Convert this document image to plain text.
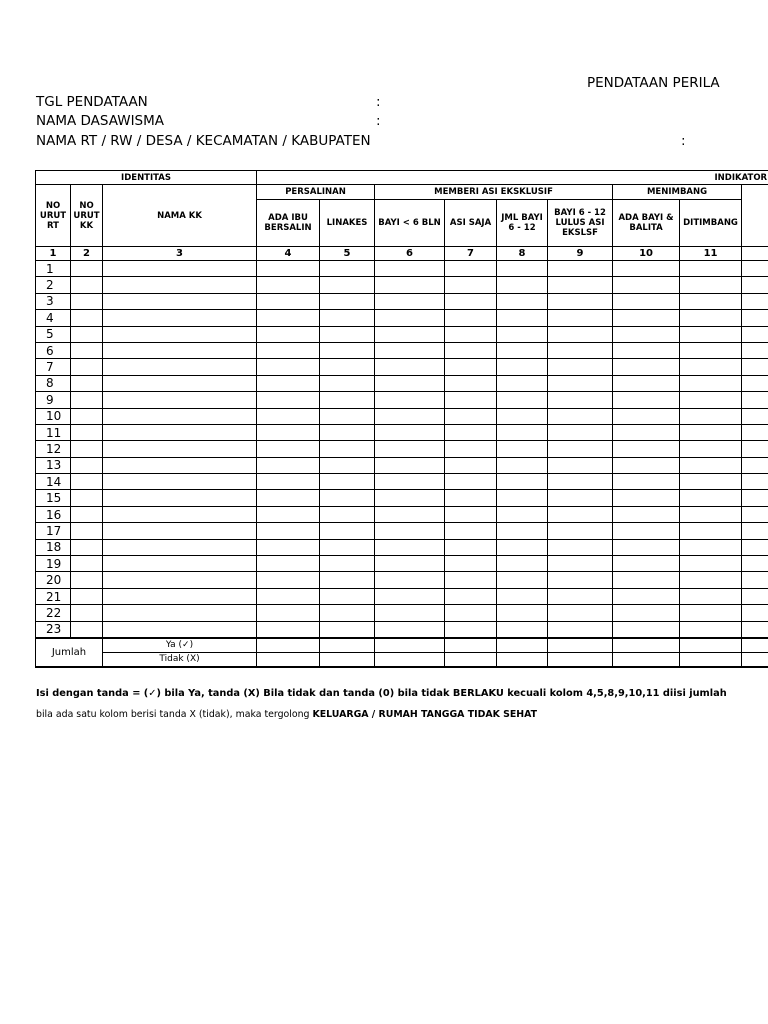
PENDATAAN PERILA
TGL PENDATAAN	:
NAMA DASAWISMA	:
NAMA RT / RW / DESA / KECAMATAN / KABUPATEN	:
IDENTITAS			INDIKATOR								
NO URUT RT	NO URUT KK	NAMA KK	PERSALINAN		MEMBERI ASI EKSKLUSIF				MENIMBANG		
			ADA IBU BERSALIN	LINAKES	BAYI < 6 BLN	ASI SAJA	JML BAYI 6 - 12	BAYI 6 - 12 LULUS ASI EKSLSF	ADA BAYI & BALITA	DITIMBANG	
1	2	3	4	5	6	7	8	9	10	11	
1											
2											
3											
4											
5											
6											
7											
8											
9											
10											
11											
12											
13											
14											
15											
16											
17											
18											
19											
20											
21											
22											
23											
Jumlah		Ya (✓)									
		Tidak (X)									
Isi dengan tanda = (✓) bila Ya, tanda (X) Bila tidak dan tanda (0) bila tidak BERLAKU kecuali kolom 4,5,8,9,10,11 diisi jumlah
bila ada satu kolom berisi tanda X (tidak), maka tergolong KELUARGA / RUMAH TANGGA TIDAK SEHAT
